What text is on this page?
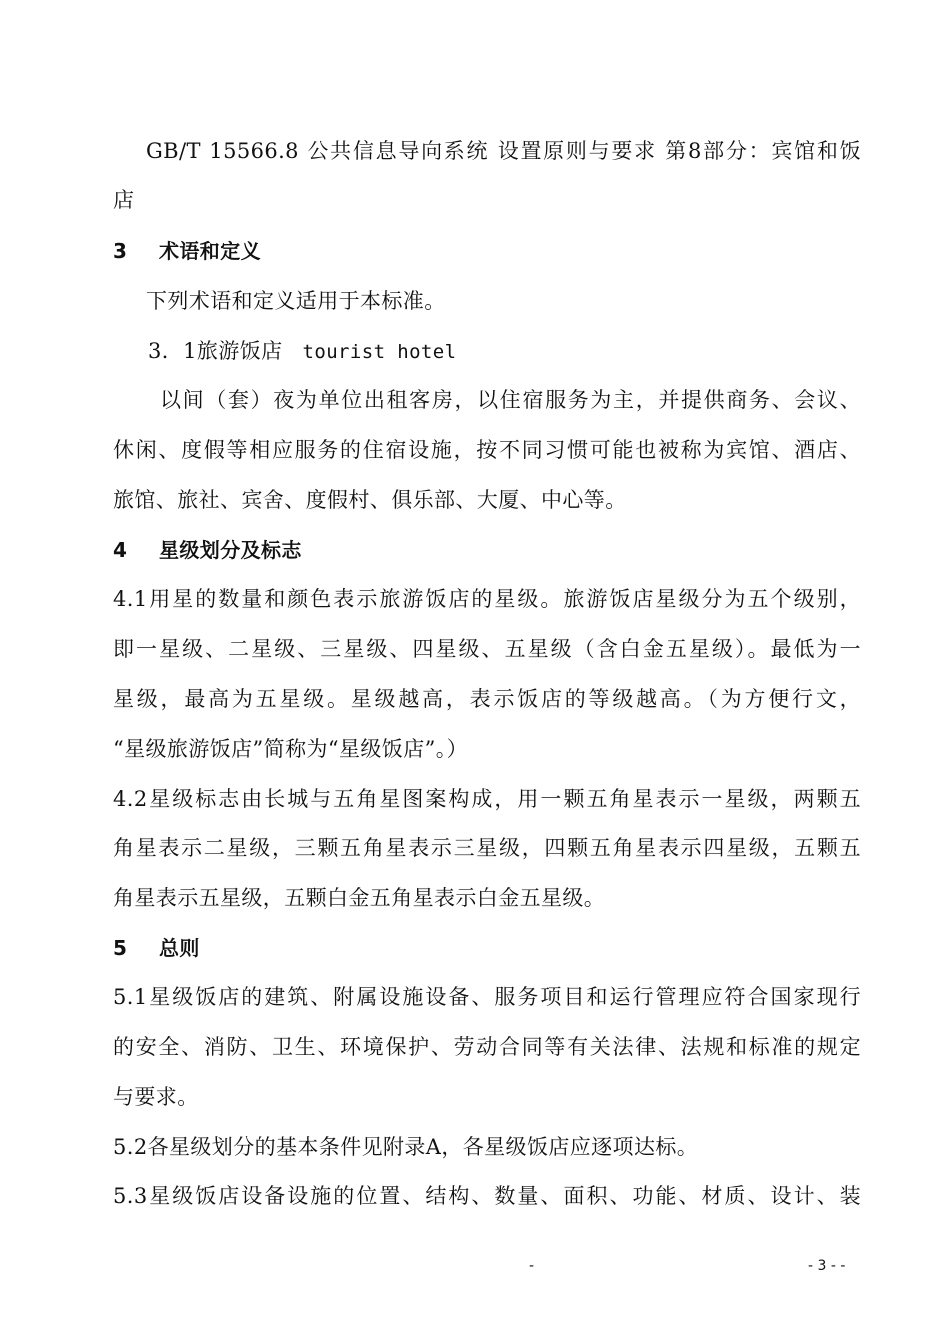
GB/T 15566.8 公共信息导向系统 设置原则与要求 第8部分：宾馆和饭
店
3 术语和定义
下列术语和定义适用于本标准。
3．1旅游饭店 tourist hotel
以间（套）夜为单位出租客房，以住宿服务为主，并提供商务、会议、
休闲、度假等相应服务的住宿设施，按不同习惯可能也被称为宾馆、酒店、
旅馆、旅社、宾舍、度假村、俱乐部、大厦、中心等。
4 星级划分及标志
4.1用星的数量和颜色表示旅游饭店的星级。旅游饭店星级分为五个级别，
即一星级、二星级、三星级、四星级、五星级（含白金五星级）。最低为一
星级，最高为五星级。星级越高，表示饭店的等级越高。（为方便行文，
“星级旅游饭店”简称为“星级饭店”。）
4.2星级标志由长城与五角星图案构成，用一颗五角星表示一星级，两颗五
角星表示二星级，三颗五角星表示三星级，四颗五角星表示四星级，五颗五
角星表示五星级，五颗白金五角星表示白金五星级。
5 总则
5.1星级饭店的建筑、附属设施设备、服务项目和运行管理应符合国家现行
的安全、消防、卫生、环境保护、劳动合同等有关法律、法规和标准的规定
与要求。
5.2各星级划分的基本条件见附录A，各星级饭店应逐项达标。
5.3星级饭店设备设施的位置、结构、数量、面积、功能、材质、设计、装
-	- 3 - -
